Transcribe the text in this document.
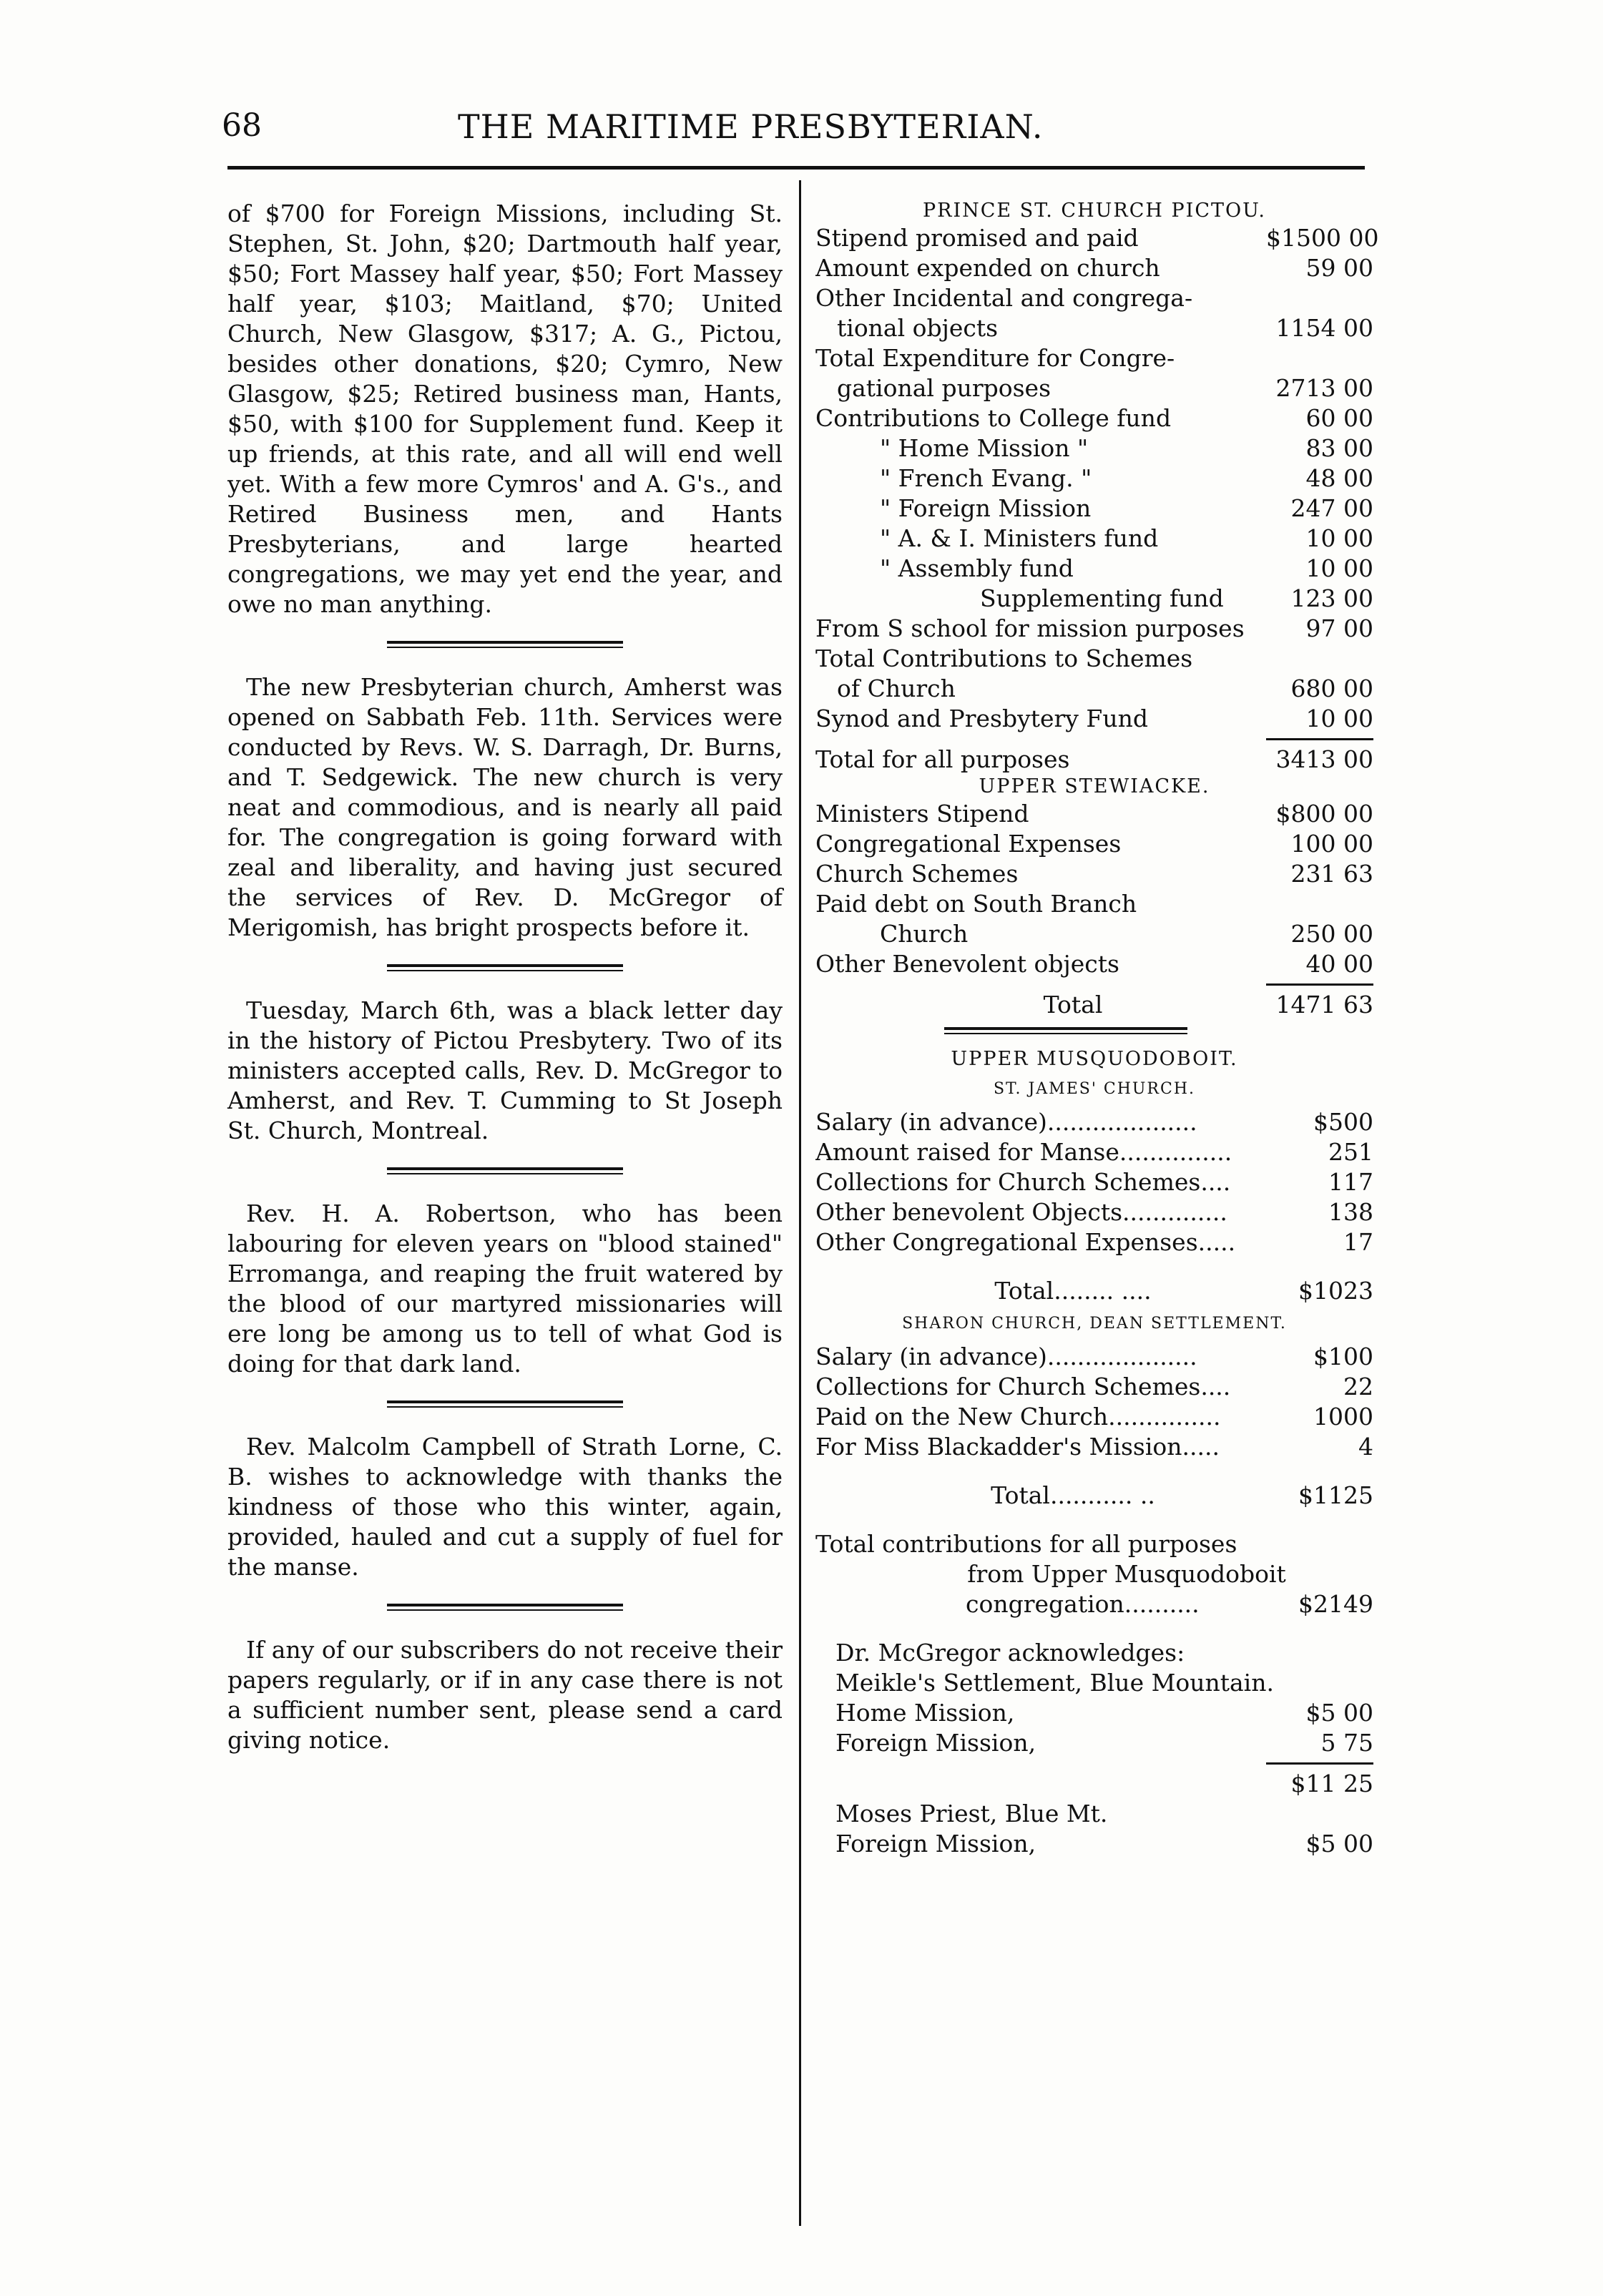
68	THE MARITIME PRESBYTERIAN.

of $700 for Foreign Missions, including St. Stephen, St. John, $20; Dartmouth half year, $50; Fort Massey half year, $50; Fort Massey half year, $103; Maitland, $70; United Church, New Glasgow, $317; A. G., Pictou, besides other donations, $20; Cymro, New Glasgow, $25; Retired business man, Hants, $50, with $100 for Supplement fund. Keep it up friends, at this rate, and all will end well yet. With a few more Cymros' and A. G's., and Retired Business men, and Hants Presbyterians, and large hearted congregations, we may yet end the year, and owe no man anything.

The new Presbyterian church, Amherst was opened on Sabbath Feb. 11th. Services were conducted by Revs. W. S. Darragh, Dr. Burns, and T. Sedgewick. The new church is very neat and commodious, and is nearly all paid for. The congregation is going forward with zeal and liberality, and having just secured the services of Rev. D. McGregor of Merigomish, has bright prospects before it.

Tuesday, March 6th, was a black letter day in the history of Pictou Presbytery. Two of its ministers accepted calls, Rev. D. McGregor to Amherst, and Rev. T. Cumming to St Joseph St. Church, Montreal.

Rev. H. A. Robertson, who has been labouring for eleven years on "blood stained" Erromanga, and reaping the fruit watered by the blood of our martyred missionaries will ere long be among us to tell of what God is doing for that dark land.

Rev. Malcolm Campbell of Strath Lorne, C. B. wishes to acknowledge with thanks the kindness of those who this winter, again, provided, hauled and cut a supply of fuel for the manse.

If any of our subscribers do not receive their papers regularly, or if in any case there is not a sufficient number sent, please send a card giving notice.

PRINCE ST. CHURCH PICTOU.

Stipend promised and paid	$1500 00
Amount expended on church	59 00
Other Incidental and congrega-
tional objects	1154 00
Total Expenditure for Congre-
gational purposes	2713 00
Contributions to College fund	60 00
" Home Mission "	83 00
" French Evang. "	48 00
" Foreign Mission	247 00
" A. & I. Ministers fund	10 00
" Assembly fund	10 00
Supplementing fund	123 00
From S school for mission purposes	97 00
Total Contributions to Schemes
of Church	680 00
Synod and Presbytery Fund	10 00
Total for all purposes	3413 00

UPPER STEWIACKE.

Ministers Stipend	$800 00
Congregational Expenses	100 00
Church Schemes	231 63
Paid debt on South Branch
Church	250 00
Other Benevolent objects	40 00
Total	1471 63

UPPER MUSQUODOBOIT.

ST. JAMES' CHURCH.

Salary (in advance)....................	$500
Amount raised for Manse...............	251
Collections for Church Schemes....	117
Other benevolent Objects..............	138
Other Congregational Expenses.....	17
Total........ ....	$1023

SHARON CHURCH, DEAN SETTLEMENT.

Salary (in advance)....................	$100
Collections for Church Schemes....	22
Paid on the New Church...............	1000
For Miss Blackadder's Mission.....	4
Total........... ..	$1125
Total contributions for all purposes
from Upper Musquodoboit
congregation..........	$2149
Dr. McGregor acknowledges:
Meikle's Settlement, Blue Mountain.
Home Mission,	$5 00
Foreign Mission,	5 75
$11 25
Moses Priest, Blue Mt.
Foreign Mission,	$5 00
